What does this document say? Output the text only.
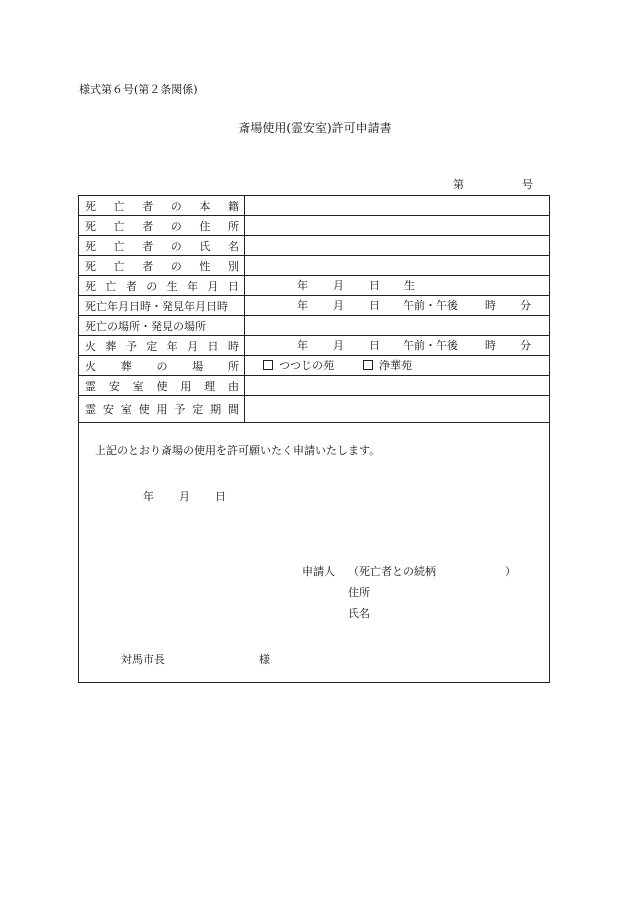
様式第６号(第２条関係)
斎場使用(霊安室)許可申請書
第	号
死 亡 者 の 本 籍
死 亡 者 の 住 所
死 亡 者 の 氏 名
死 亡 者 の 性 別
死 亡 者 の 生 年 月 日	年 月 日 生
死亡年月日時・発見年月日時	年 月 日 午前・午後 時 分
死亡の場所・発見の場所
火 葬 予 定 年 月 日 時	年 月 日 午前・午後 時 分
火 葬 の 場 所	つつじの苑	浄華苑
霊 安 室 使 用 理 由
霊 安 室 使 用 予 定 期 間
上記のとおり斎場の使用を許可願いたく申請いたします。
年 月 日
申請人 （死亡者との続柄	）
住所
氏名
対馬市長	様
